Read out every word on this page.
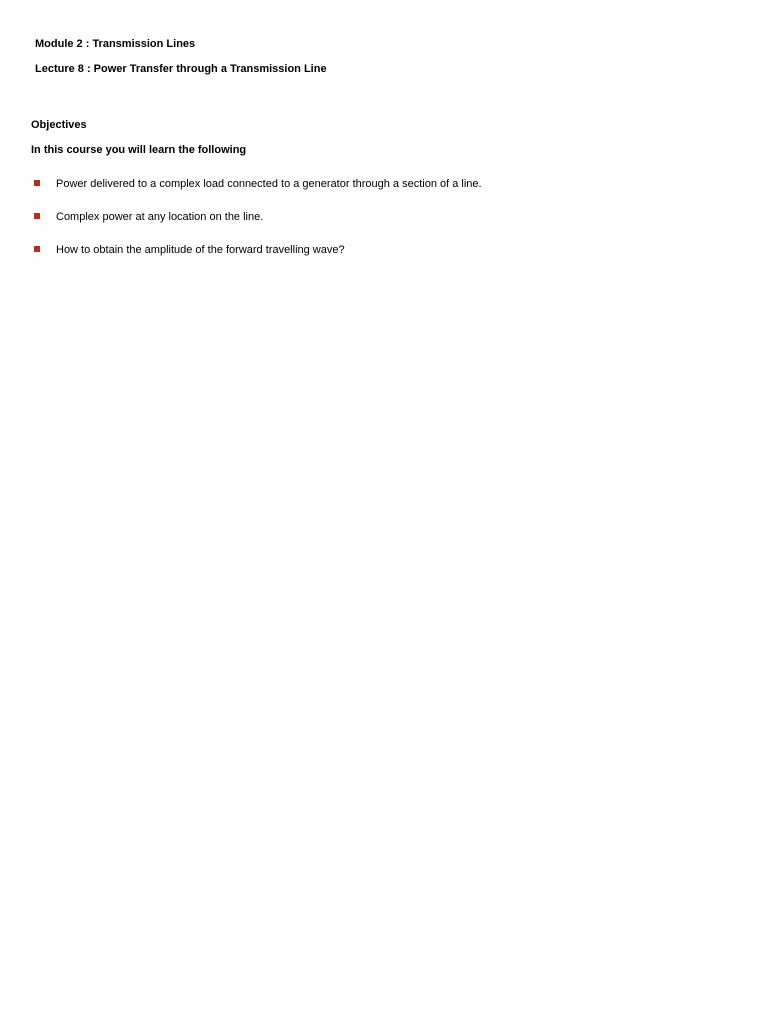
Module 2 : Transmission Lines
Lecture 8 : Power Transfer through a Transmission Line
Objectives
In this course you will learn the following
Power delivered to a complex load connected to a generator through a section of a line.
Complex power at any location on the line.
How to obtain the amplitude of the forward travelling wave?
